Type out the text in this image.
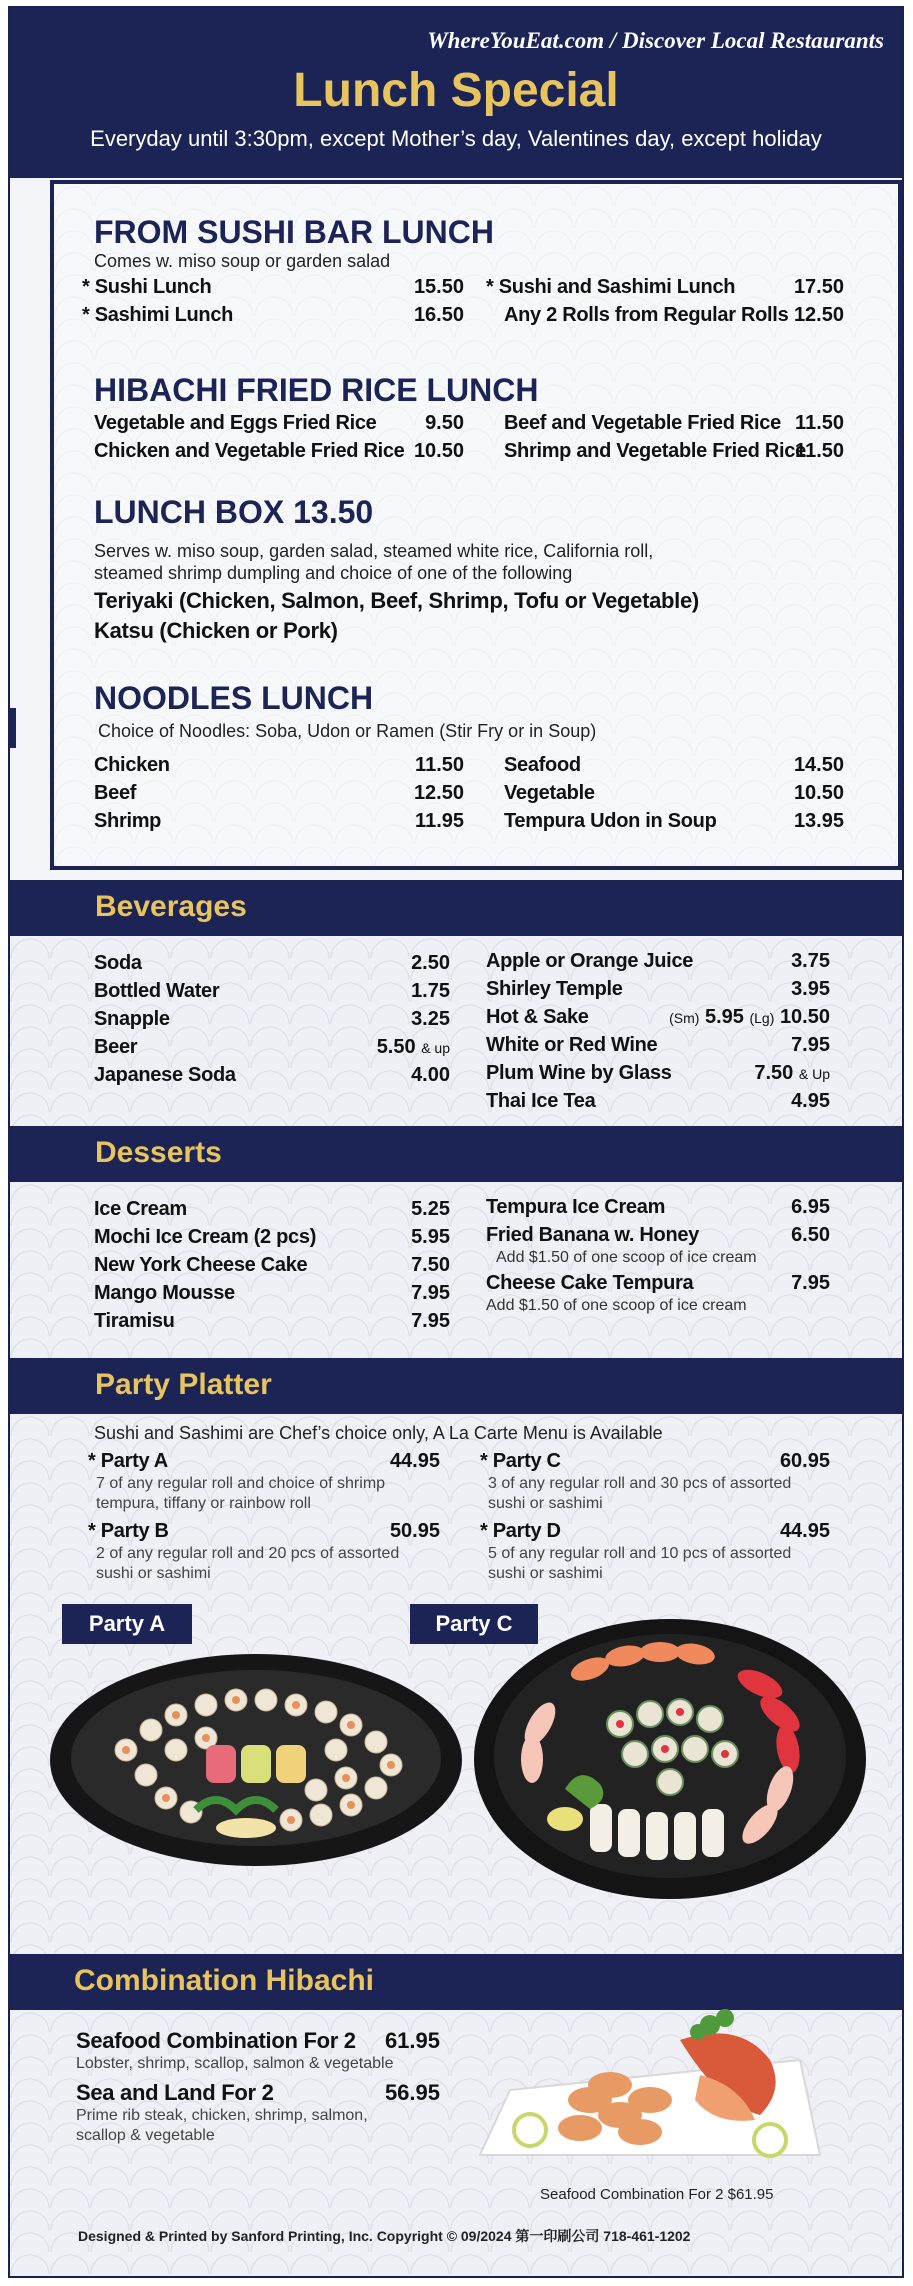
WhereYouEat.com / Discover Local Restaurants
Lunch Special
Everyday until 3:30pm, except Mother’s day, Valentines day, except holiday
FROM SUSHI BAR LUNCH
Comes w. miso soup or garden salad
* Sushi Lunch	15.50
* Sashimi Lunch	16.50
* Sushi and Sashimi Lunch	17.50
Any 2 Rolls from Regular Rolls 12.50
HIBACHI FRIED RICE LUNCH
Vegetable and Eggs Fried Rice	9.50
Chicken and Vegetable Fried Rice 10.50
Beef and Vegetable Fried Rice 11.50
Shrimp and Vegetable Fried Rice
11.50
LUNCH BOX 13.50
Serves w. miso soup, garden salad, steamed white rice, California roll,
steamed shrimp dumpling and choice of one of the following
Teriyaki (Chicken, Salmon, Beef, Shrimp, Tofu or Vegetable)
Katsu (Chicken or Pork)
NOODLES LUNCH
Choice of Noodles: Soba, Udon or Ramen (Stir Fry or in Soup)
Chicken	11.50
Beef	12.50
Shrimp	11.95
Seafood	14.50
Vegetable	10.50
Tempura Udon in Soup	13.95
Beverages
Soda	2.50
Bottled Water	1.75
Snapple	3.25
Beer	5.50 & up
Japanese Soda	4.00
Apple or Orange Juice	3.75
Shirley Temple	3.95
Hot & Sake	(Sm) 5.95 (Lg) 10.50
White or Red Wine	7.95
Plum Wine by Glass	7.50 & Up
Thai Ice Tea	4.95
Desserts
Ice Cream	5.25
Mochi Ice Cream (2 pcs)	5.95
New York Cheese Cake	7.50
Mango Mousse	7.95
Tiramisu	7.95
Tempura Ice Cream	6.95
Fried Banana w. Honey	6.50
Add $1.50 of one scoop of ice cream
Cheese Cake Tempura	7.95
Add $1.50 of one scoop of ice cream
Party Platter
Sushi and Sashimi are Chef’s choice only, A La Carte Menu is Available
* Party A	44.95
7 of any regular roll and choice of shrimp
tempura, tiffany or rainbow roll
* Party B	50.95
2 of any regular roll and 20 pcs of assorted
sushi or sashimi
* Party C	60.95
3 of any regular roll and 30 pcs of assorted
sushi or sashimi
* Party D	44.95
5 of any regular roll and 10 pcs of assorted
sushi or sashimi
Party A	Party C
Combination Hibachi
Seafood Combination For 2	61.95
Lobster, shrimp, scallop, salmon & vegetable
Sea and Land For 2	56.95
Prime rib steak, chicken, shrimp, salmon,
scallop & vegetable
Seafood Combination For 2 $61.95
Designed & Printed by Sanford Printing, Inc. Copyright © 09/2024 第一印刷公司 718-461-1202
